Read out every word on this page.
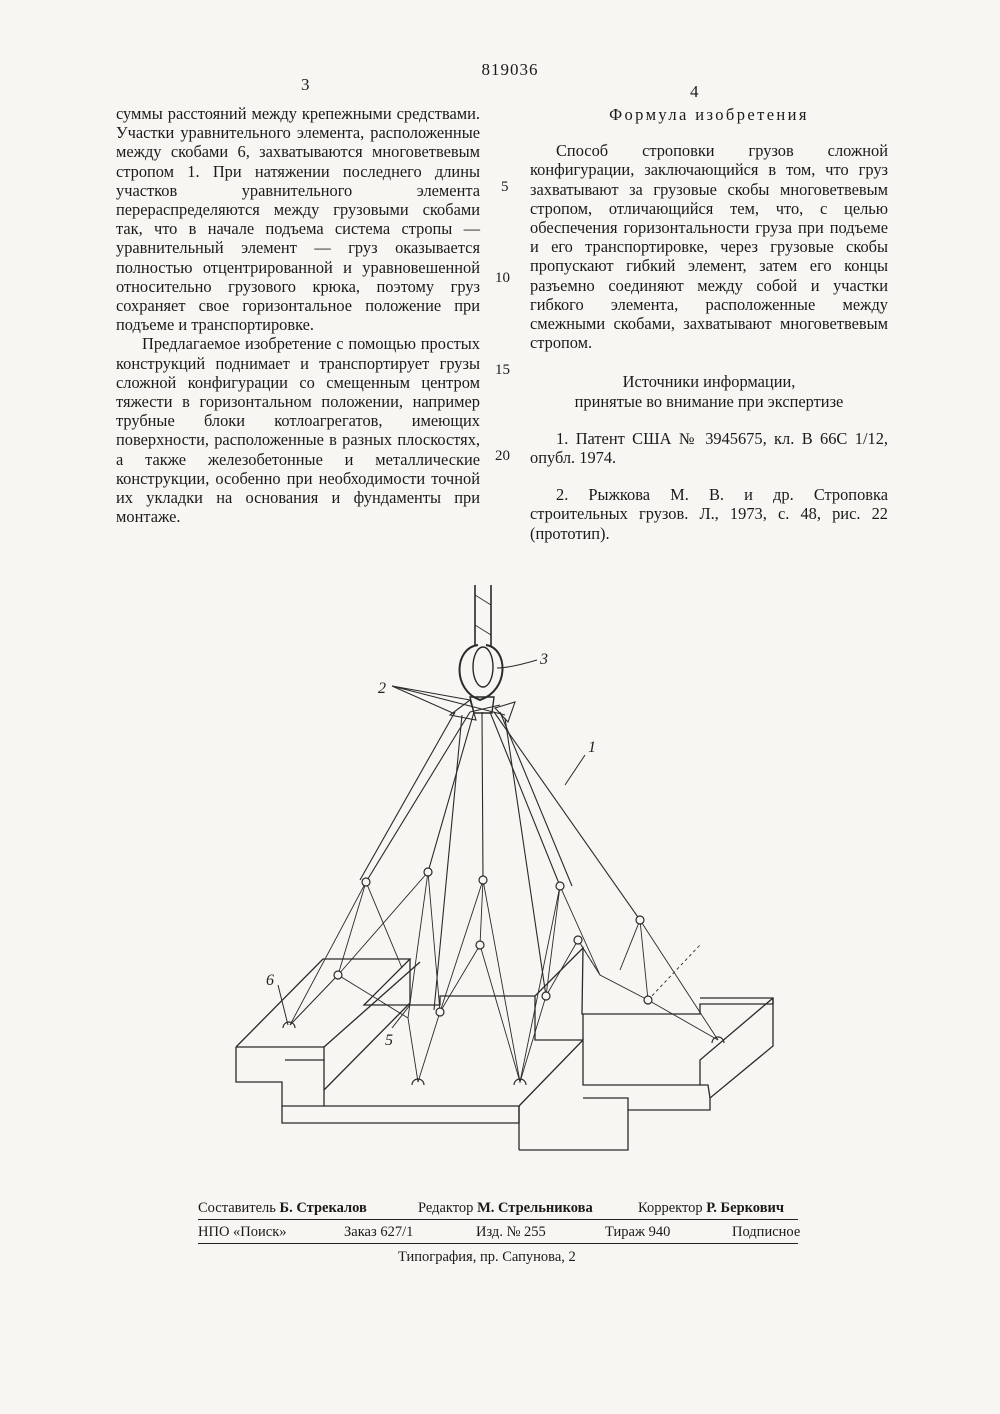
819036
3	4

суммы расстояний между крепежными средствами. Участки уравнительного элемента, расположенные между скобами 6, захватываются многоветвевым стропом 1. При натяжении последнего длины участков уравнительного элемента перераспределяются между грузовыми скобами так, что в начале подъема система стропы — уравнительный элемент — груз оказывается полностью отцентрированной и уравновешенной относительно грузового крюка, поэтому груз сохраняет свое горизонтальное положение при подъеме и транспортировке.

Предлагаемое изобретение с помощью простых конструкций поднимает и транспортирует грузы сложной конфигурации со смещенным центром тяжести в горизонтальном положении, например трубные блоки котлоагрегатов, имеющих поверхности, расположенные в разных плоскостях, а также железобетонные и металлические конструкции, особенно при необходимости точной их укладки на основания и фундаменты при монтаже.

5
10
15
20

Формула изобретения

Способ строповки грузов сложной конфигурации, заключающийся в том, что груз захватывают за грузовые скобы многоветвевым стропом, отличающийся тем, что, с целью обеспечения горизонтальности груза при подъеме и его транспортировке, через грузовые скобы пропускают гибкий элемент, затем его концы разъемно соединяют между собой и участки гибкого элемента, расположенные между смежными скобами, захватывают многоветвевым стропом.

Источники информации,

принятые во внимание при экспертизе

1. Патент США № 3945675, кл. В 66С 1/12, опубл. 1974.

2. Рыжкова М. В. и др. Строповка строительных грузов. Л., 1973, с. 48, рис. 22 (прототип).

2
3
1
6
5
Составитель Б. Стрекалов	Редактор М. Стрельникова	Корректор Р. Беркович
НПО «Поиск»	Заказ 627/1	Изд. № 255	Тираж 940	Подписное
Типография, пр. Сапунова, 2
